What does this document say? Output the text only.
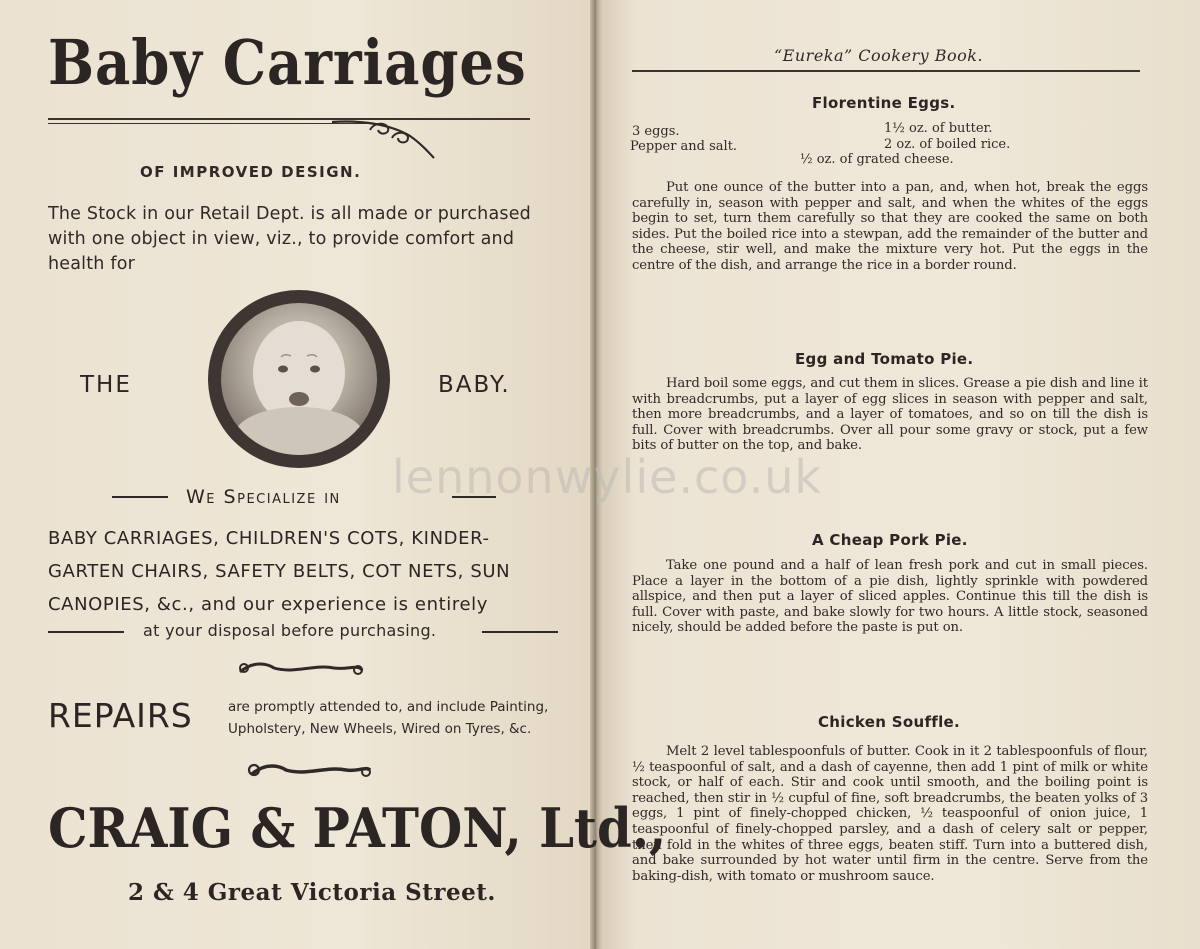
Baby Carriages
OF IMPROVED DESIGN.
The Stock in our Retail Dept. is all made or purchased with one object in view, viz., to provide comfort and health for
THE	BABY.
We Specialize in
BABY CARRIAGES, CHILDREN'S COTS, KINDER-GARTEN CHAIRS, SAFETY BELTS, COT NETS, SUN CANOPIES, &c., and our experience is entirely
at your disposal before purchasing.
REPAIRS	are promptly attended to, and include Painting, Upholstery, New Wheels, Wired on Tyres, &c.
CRAIG & PATON, Ltd.,
2 & 4 Great Victoria Street.
“Eureka” Cookery Book.
Florentine Eggs.
3 eggs.	1½ oz. of butter.
Pepper and salt.	2 oz. of boiled rice.
½ oz. of grated cheese.
Put one ounce of the butter into a pan, and, when hot, break the eggs carefully in, season with pepper and salt, and when the whites of the eggs begin to set, turn them carefully so that they are cooked the same on both sides. Put the boiled rice into a stewpan, add the remainder of the butter and the cheese, stir well, and make the mixture very hot. Put the eggs in the centre of the dish, and arrange the rice in a border round.
Egg and Tomato Pie.
Hard boil some eggs, and cut them in slices. Grease a pie dish and line it with breadcrumbs, put a layer of egg slices in season with pepper and salt, then more breadcrumbs, and a layer of tomatoes, and so on till the dish is full. Cover with breadcrumbs. Over all pour some gravy or stock, put a few bits of butter on the top, and bake.
A Cheap Pork Pie.
Take one pound and a half of lean fresh pork and cut in small pieces. Place a layer in the bottom of a pie dish, lightly sprinkle with powdered allspice, and then put a layer of sliced apples. Continue this till the dish is full. Cover with paste, and bake slowly for two hours. A little stock, seasoned nicely, should be added before the paste is put on.
Chicken Souffle.
Melt 2 level tablespoonfuls of butter. Cook in it 2 tablespoonfuls of flour, ½ teaspoonful of salt, and a dash of cayenne, then add 1 pint of milk or white stock, or half of each. Stir and cook until smooth, and the boiling point is reached, then stir in ½ cupful of fine, soft breadcrumbs, the beaten yolks of 3 eggs, 1 pint of finely-chopped chicken, ½ teaspoonful of onion juice, 1 teaspoonful of finely-chopped parsley, and a dash of celery salt or pepper, then fold in the whites of three eggs, beaten stiff. Turn into a buttered dish, and bake surrounded by hot water until firm in the centre. Serve from the baking-dish, with tomato or mushroom sauce.
lennonwylie.co.uk
